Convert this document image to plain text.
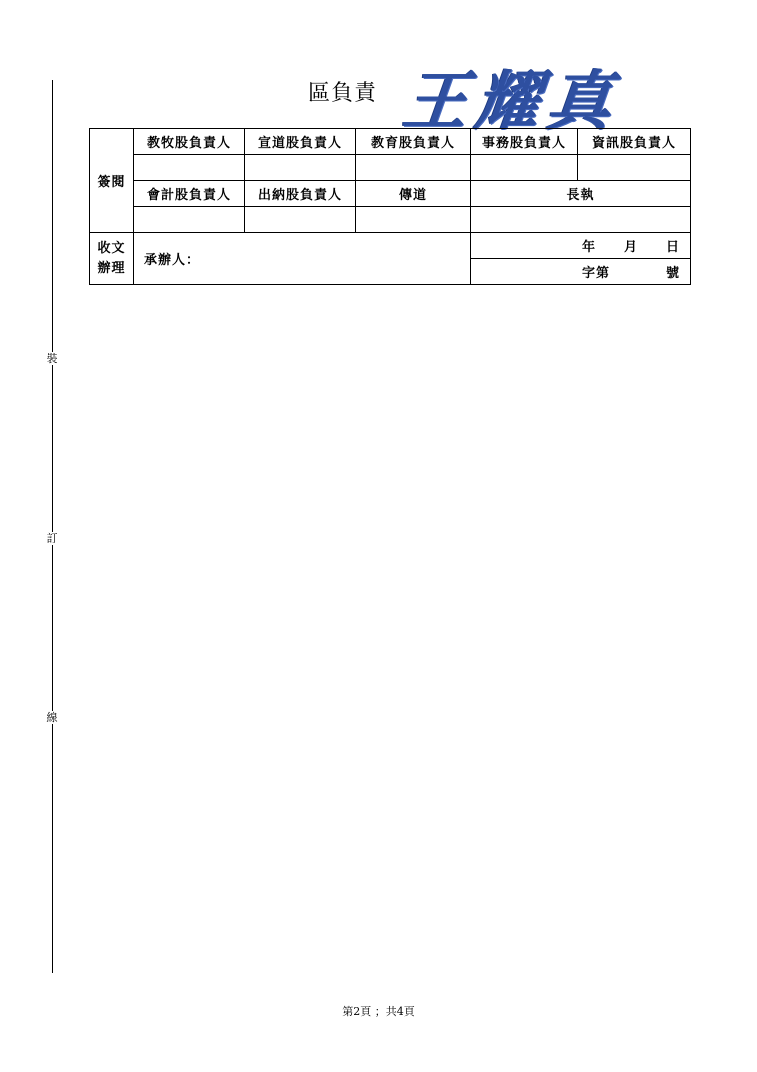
裝
訂
線
區負責 王耀真
簽閱	教牧股負責人	宣道股負責人	教育股負責人	事務股負責人	資訊股負責人

	會計股負責人	出納股負責人	傳道	長執	

收文
辦理	承辦人：			年　　月　　日	
				字第　　　　號	
第2頁 ；共4頁
